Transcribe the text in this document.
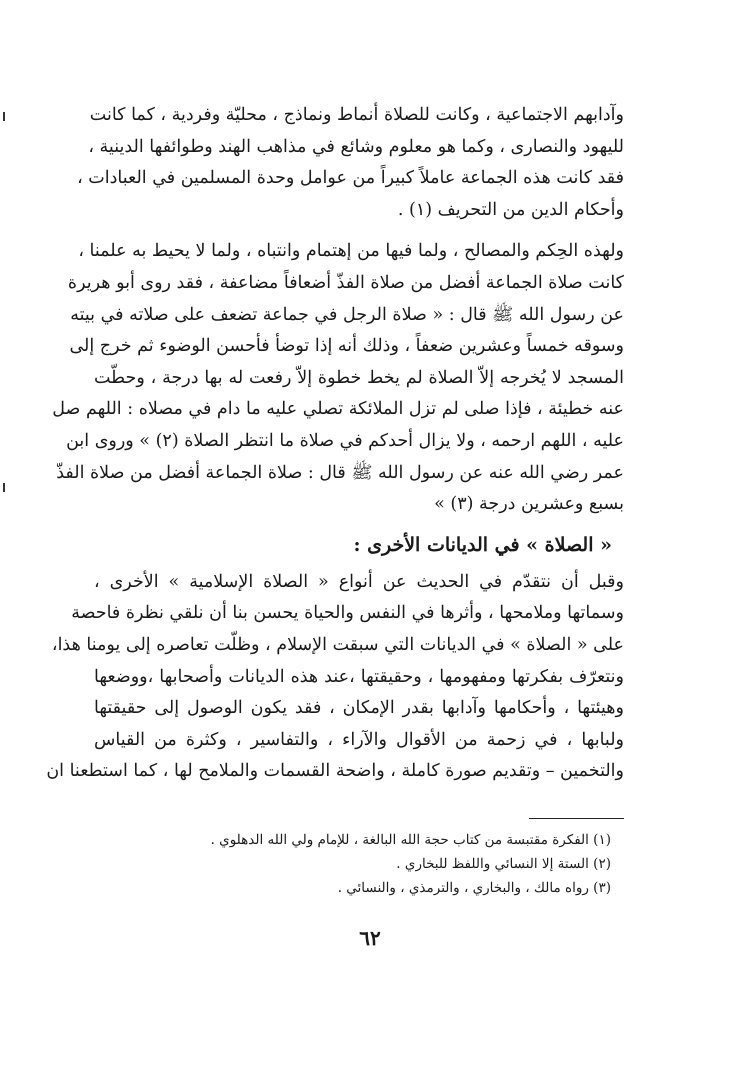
وآدابهم الاجتماعية ، وكانت للصلاة أنماط ونماذج ، محليّة وفردية ، كما كانت
لليهود والنصارى ، وكما هو معلوم وشائع في مذاهب الهند وطوائفها الدينية ،
فقد كانت هذه الجماعة عاملاً كبيراً من عوامل وحدة المسلمين في العبادات ،
وأحكام الدين من التحريف (١) .
ولهذه الحِكم والمصالح ، ولما فيها من إهتمام وانتباه ، ولما لا يحيط به علمنا ،
كانت صلاة الجماعة أفضل من صلاة الفذّ أضعافاً مضاعفة ، فقد روى أبو هريرة
عن رسول الله ﷺ قال : « صلاة الرجل في جماعة تضعف على صلاته في بيته
وسوقه خمساً وعشرين ضعفاً ، وذلك أنه إذا توضأ فأحسن الوضوء ثم خرج إلى
المسجد لا يُخرجه إلاّ الصلاة لم يخط خطوة إلاّ رفعت له بها درجة ، وحطّت
عنه خطيئة ، فإذا صلى لم تزل الملائكة تصلي عليه ما دام في مصلاه : اللهم صل
عليه ، اللهم ارحمه ، ولا يزال أحدكم في صلاة ما انتظر الصلاة (٢) » وروى ابن
عمر رضي الله عنه عن رسول الله ﷺ قال : صلاة الجماعة أفضل من صلاة الفذّ
بسبع وعشرين درجة (٣) »
« الصلاة » في الديانات الأخرى :
وقبل أن نتقدّم في الحديث عن أنواع « الصلاة الإسلامية » الأخرى ،
وسماتها وملامحها ، وأثرها في النفس والحياة يحسن بنا أن نلقي نظرة فاحصة
على « الصلاة » في الديانات التي سبقت الإسلام ، وظلّت تعاصره إلى يومنا هذا،
ونتعرّف بفكرتها ومفهومها ، وحقيقتها ،عند هذه الديانات وأصحابها ،ووضعها
وهيئتها ، وأحكامها وآدابها بقدر الإمكان ، فقد يكون الوصول إلى حقيقتها
ولبابها ، في زحمة من الأقوال والآراء ، والتفاسير ، وكثرة من القياس
والتخمين – وتقديم صورة كاملة ، واضحة القسمات والملامح لها ، كما استطعنا ان
(١) الفكرة مقتبسة من كتاب حجة الله البالغة ، للإمام ولي الله الدهلوي .
(٢) الستة إلا النسائي واللفظ للبخاري .
(٣) رواه مالك ، والبخاري ، والترمذي ، والنسائي .
٦٢
